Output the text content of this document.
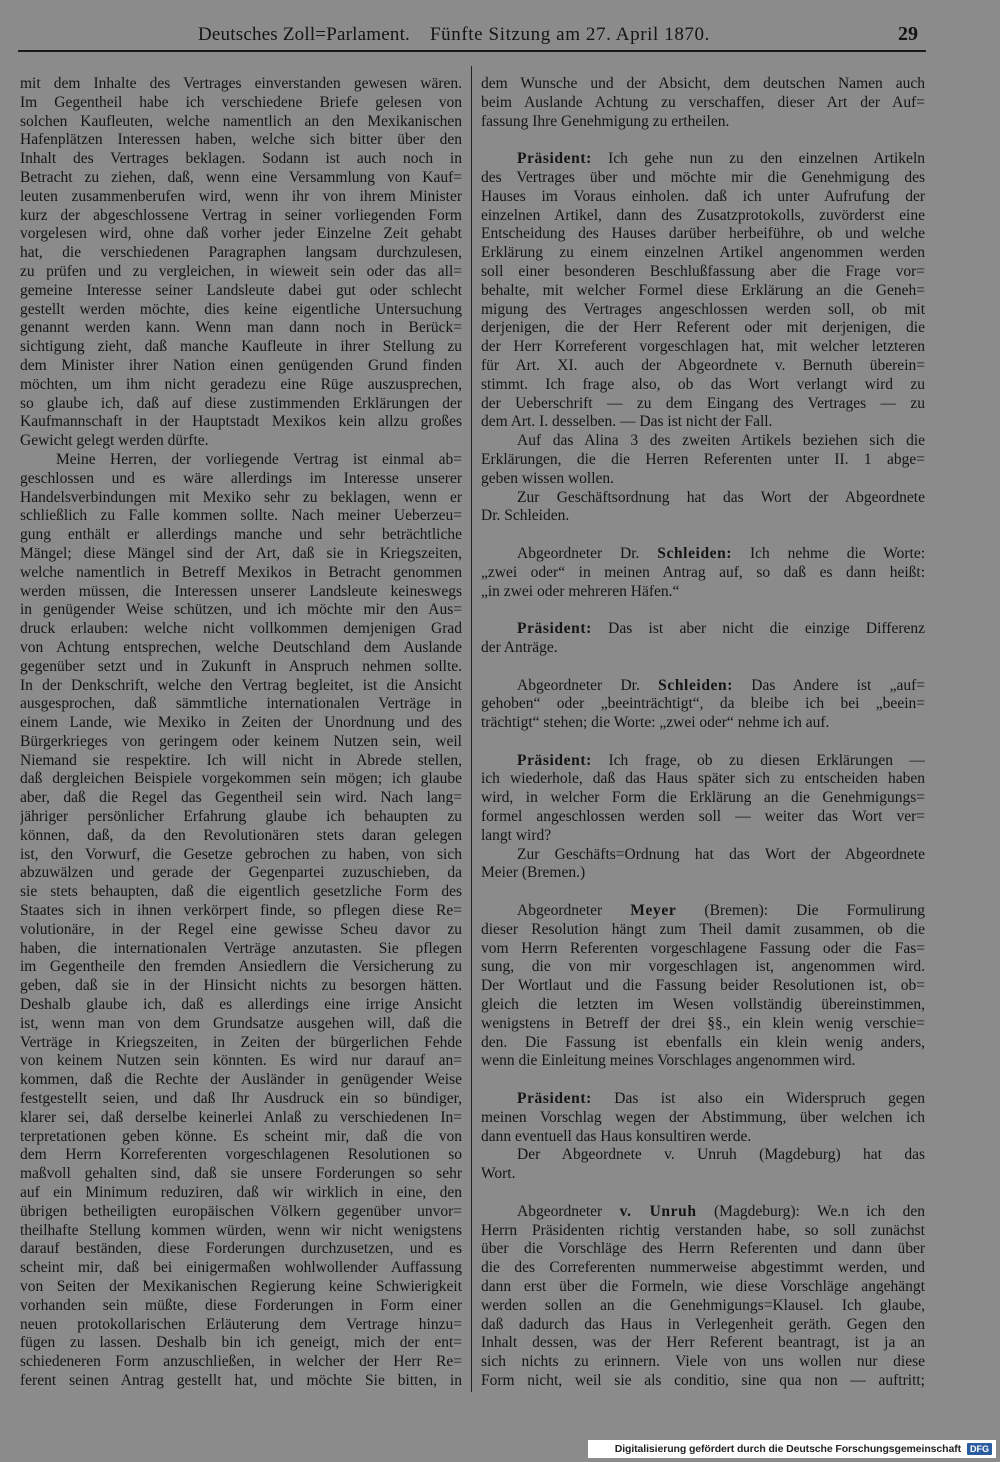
Deutsches Zoll=Parlament. Fünfte Sitzung am 27. April 1870.	29
mit dem Inhalte des Vertrages einverstanden gewesen wären.
Im Gegentheil habe ich verschiedene Briefe gelesen von
solchen Kaufleuten, welche namentlich an den Mexikanischen
Hafenplätzen Interessen haben, welche sich bitter über den
Inhalt des Vertrages beklagen. Sodann ist auch noch in
Betracht zu ziehen, daß, wenn eine Versammlung von Kauf=
leuten zusammenberufen wird, wenn ihr von ihrem Minister
kurz der abgeschlossene Vertrag in seiner vorliegenden Form
vorgelesen wird, ohne daß vorher jeder Einzelne Zeit gehabt
hat, die verschiedenen Paragraphen langsam durchzulesen,
zu prüfen und zu vergleichen, in wieweit sein oder das all=
gemeine Interesse seiner Landsleute dabei gut oder schlecht
gestellt werden möchte, dies keine eigentliche Untersuchung
genannt werden kann. Wenn man dann noch in Berück=
sichtigung zieht, daß manche Kaufleute in ihrer Stellung zu
dem Minister ihrer Nation einen genügenden Grund finden
möchten, um ihm nicht geradezu eine Rüge auszusprechen,
so glaube ich, daß auf diese zustimmenden Erklärungen der
Kaufmannschaft in der Hauptstadt Mexikos kein allzu großes
Gewicht gelegt werden dürfte.
Meine Herren, der vorliegende Vertrag ist einmal ab=
geschlossen und es wäre allerdings im Interesse unserer
Handelsverbindungen mit Mexiko sehr zu beklagen, wenn er
schließlich zu Falle kommen sollte. Nach meiner Ueberzeu=
gung enthält er allerdings manche und sehr beträchtliche
Mängel; diese Mängel sind der Art, daß sie in Kriegszeiten,
welche namentlich in Betreff Mexikos in Betracht genommen
werden müssen, die Interessen unserer Landsleute keineswegs
in genügender Weise schützen, und ich möchte mir den Aus=
druck erlauben: welche nicht vollkommen demjenigen Grad
von Achtung entsprechen, welche Deutschland dem Auslande
gegenüber setzt und in Zukunft in Anspruch nehmen sollte.
In der Denkschrift, welche den Vertrag begleitet, ist die Ansicht
ausgesprochen, daß sämmtliche internationalen Verträge in
einem Lande, wie Mexiko in Zeiten der Unordnung und des
Bürgerkrieges von geringem oder keinem Nutzen sein, weil
Niemand sie respektire. Ich will nicht in Abrede stellen,
daß dergleichen Beispiele vorgekommen sein mögen; ich glaube
aber, daß die Regel das Gegentheil sein wird. Nach lang=
jähriger persönlicher Erfahrung glaube ich behaupten zu
können, daß, da den Revolutionären stets daran gelegen
ist, den Vorwurf, die Gesetze gebrochen zu haben, von sich
abzuwälzen und gerade der Gegenpartei zuzuschieben, da
sie stets behaupten, daß die eigentlich gesetzliche Form des
Staates sich in ihnen verkörpert finde, so pflegen diese Re=
volutionäre, in der Regel eine gewisse Scheu davor zu
haben, die internationalen Verträge anzutasten. Sie pflegen
im Gegentheile den fremden Ansiedlern die Versicherung zu
geben, daß sie in der Hinsicht nichts zu besorgen hätten.
Deshalb glaube ich, daß es allerdings eine irrige Ansicht
ist, wenn man von dem Grundsatze ausgehen will, daß die
Verträge in Kriegszeiten, in Zeiten der bürgerlichen Fehde
von keinem Nutzen sein könnten. Es wird nur darauf an=
kommen, daß die Rechte der Ausländer in genügender Weise
festgestellt seien, und daß Ihr Ausdruck ein so bündiger,
klarer sei, daß derselbe keinerlei Anlaß zu verschiedenen In=
terpretationen geben könne. Es scheint mir, daß die von
dem Herrn Korreferenten vorgeschlagenen Resolutionen so
maßvoll gehalten sind, daß sie unsere Forderungen so sehr
auf ein Minimum reduziren, daß wir wirklich in eine, den
übrigen betheiligten europäischen Völkern gegenüber unvor=
theilhafte Stellung kommen würden, wenn wir nicht wenigstens
darauf beständen, diese Forderungen durchzusetzen, und es
scheint mir, daß bei einigermaßen wohlwollender Auffassung
von Seiten der Mexikanischen Regierung keine Schwierigkeit
vorhanden sein müßte, diese Forderungen in Form einer
neuen protokollarischen Erläuterung dem Vertrage hinzu=
fügen zu lassen. Deshalb bin ich geneigt, mich der ent=
schiedeneren Form anzuschließen, in welcher der Herr Re=
ferent seinen Antrag gestellt hat, und möchte Sie bitten, in
dem Wunsche und der Absicht, dem deutschen Namen auch
beim Auslande Achtung zu verschaffen, dieser Art der Auf=
fassung Ihre Genehmigung zu ertheilen.
Präsident: Ich gehe nun zu den einzelnen Artikeln
des Vertrages über und möchte mir die Genehmigung des
Hauses im Voraus einholen. daß ich unter Aufrufung der
einzelnen Artikel, dann des Zusatzprotokolls, zuvörderst eine
Entscheidung des Hauses darüber herbeiführe, ob und welche
Erklärung zu einem einzelnen Artikel angenommen werden
soll einer besonderen Beschlußfassung aber die Frage vor=
behalte, mit welcher Formel diese Erklärung an die Geneh=
migung des Vertrages angeschlossen werden soll, ob mit
derjenigen, die der Herr Referent oder mit derjenigen, die
der Herr Korreferent vorgeschlagen hat, mit welcher letzteren
für Art. XI. auch der Abgeordnete v. Bernuth überein=
stimmt. Ich frage also, ob das Wort verlangt wird zu
der Ueberschrift — zu dem Eingang des Vertrages — zu
dem Art. I. desselben. — Das ist nicht der Fall.
Auf das Alina 3 des zweiten Artikels beziehen sich die
Erklärungen, die die Herren Referenten unter II. 1 abge=
geben wissen wollen.
Zur Geschäftsordnung hat das Wort der Abgeordnete
Dr. Schleiden.
Abgeordneter Dr. Schleiden: Ich nehme die Worte:
„zwei oder“ in meinen Antrag auf, so daß es dann heißt:
„in zwei oder mehreren Häfen.“
Präsident: Das ist aber nicht die einzige Differenz
der Anträge.
Abgeordneter Dr. Schleiden: Das Andere ist „auf=
gehoben“ oder „beeinträchtigt“, da bleibe ich bei „beein=
trächtigt“ stehen; die Worte: „zwei oder“ nehme ich auf.
Präsident: Ich frage, ob zu diesen Erklärungen —
ich wiederhole, daß das Haus später sich zu entscheiden haben
wird, in welcher Form die Erklärung an die Genehmigungs=
formel angeschlossen werden soll — weiter das Wort ver=
langt wird?
Zur Geschäfts=Ordnung hat das Wort der Abgeordnete
Meier (Bremen.)
Abgeordneter Meyer (Bremen): Die Formulirung
dieser Resolution hängt zum Theil damit zusammen, ob die
vom Herrn Referenten vorgeschlagene Fassung oder die Fas=
sung, die von mir vorgeschlagen ist, angenommen wird.
Der Wortlaut und die Fassung beider Resolutionen ist, ob=
gleich die letzten im Wesen vollständig übereinstimmen,
wenigstens in Betreff der drei §§., ein klein wenig verschie=
den. Die Fassung ist ebenfalls ein klein wenig anders,
wenn die Einleitung meines Vorschlages angenommen wird.
Präsident: Das ist also ein Widerspruch gegen
meinen Vorschlag wegen der Abstimmung, über welchen ich
dann eventuell das Haus konsultiren werde.
Der Abgeordnete v. Unruh (Magdeburg) hat das
Wort.
Abgeordneter v. Unruh (Magdeburg): We.n ich den
Herrn Präsidenten richtig verstanden habe, so soll zunächst
über die Vorschläge des Herrn Referenten und dann über
die des Correferenten nummerweise abgestimmt werden, und
dann erst über die Formeln, wie diese Vorschläge angehängt
werden sollen an die Genehmigungs=Klausel. Ich glaube,
daß dadurch das Haus in Verlegenheit geräth. Gegen den
Inhalt dessen, was der Herr Referent beantragt, ist ja an
sich nichts zu erinnern. Viele von uns wollen nur diese
Form nicht, weil sie als conditio, sine qua non — auftritt;
Digitalisierung gefördert durch die Deutsche Forschungsgemeinschaft	DFG
